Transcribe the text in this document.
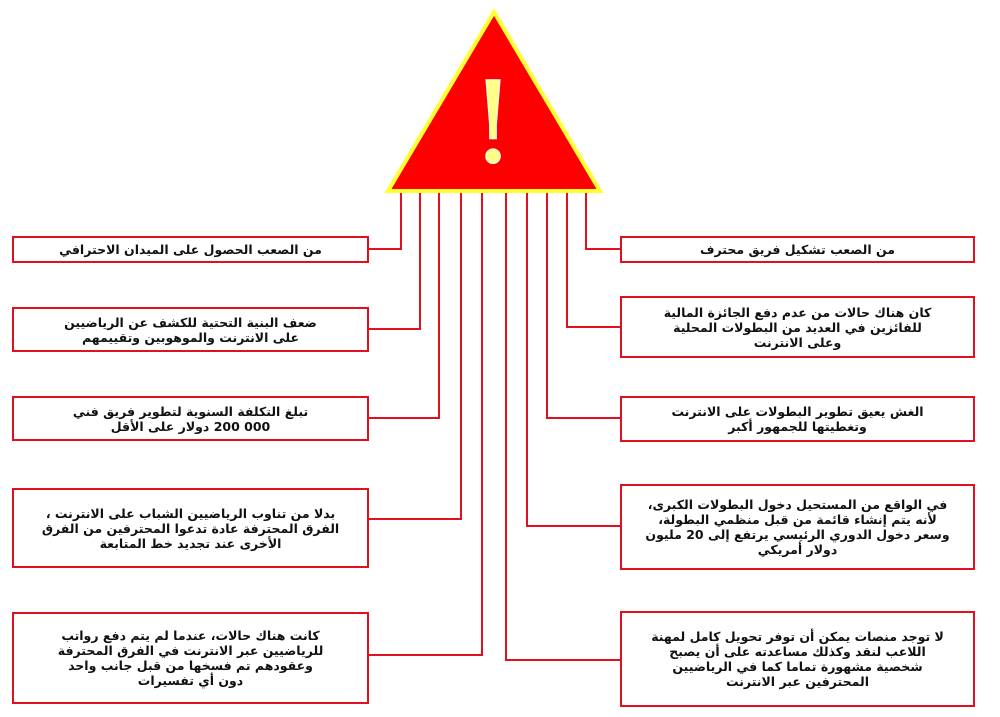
!
من الصعب الحصول على الميدان الاحترافي
ضعف البنية التحتية للكشف عن الرياضيين
على الانترنت والموهوبين وتقييمهم
تبلغ التكلفة السنوية لتطوير فريق فني
000 200 دولار على الأقل
بدلا من تناوب الرياضيين الشباب على الانترنت ،
الفرق المحترفة عادة تدعوا المحترفين من الفرق
الأخرى عند تجديد خط المتابعة
كانت هناك حالات، عندما لم يتم دفع رواتب
للرياضيين عبر الانترنت في الفرق المحترفة
وعقودهم تم فسخها من قبل جانب واحد
دون أي تفسيرات
من الصعب تشكيل فريق محترف
كان هناك حالات من عدم دفع الجائزة المالية
للفائزين في العديد من البطولات المحلية
وعلى الانترنت
الغش يعيق تطوير البطولات على الانترنت
وتغطيتها للجمهور أكبر
في الواقع من المستحيل دخول البطولات الكبرى،
لأنه يتم إنشاء قائمة من قبل منظمي البطولة،
وسعر دخول الدوري الرئيسي يرتفع إلى 20 مليون
دولار أمريكي
لا توجد منصات يمكن أن توفر تحويل كامل لمهنة
اللاعب لنقد وكذلك مساعدته على أن يصبح
شخصية مشهورة تماما كما في الرياضيين
المحترفين عبر الانترنت
